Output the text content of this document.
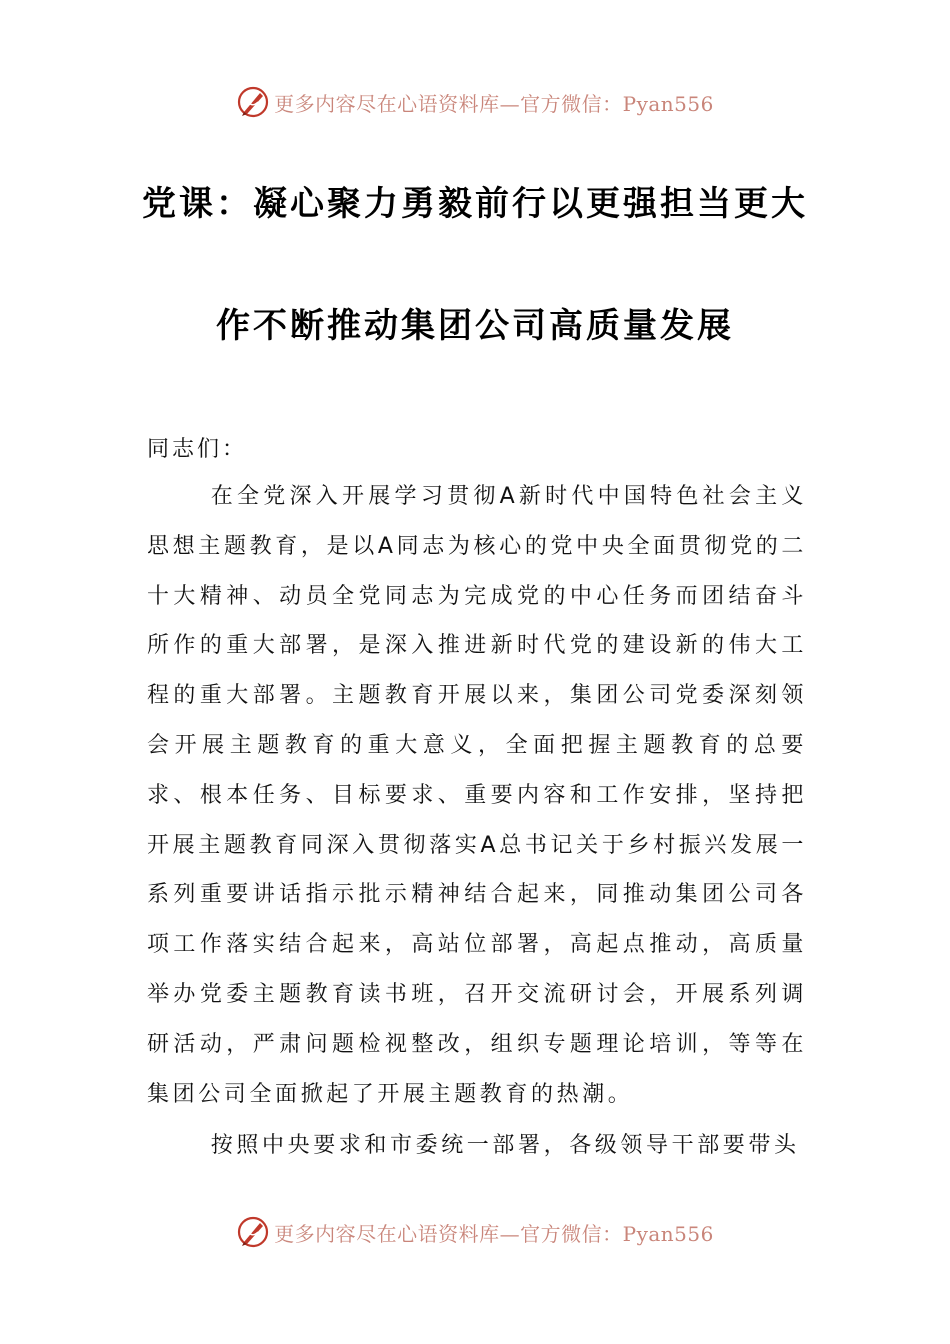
更多内容尽在心语资料库—官方微信：Pyan556
党课：凝心聚力勇毅前行以更强担当更大
作不断推动集团公司高质量发展
同志们：
在全党深入开展学习贯彻A新时代中国特色社会主义思想主题教育，是以A同志为核心的党中央全面贯彻党的二十大精神、动员全党同志为完成党的中心任务而团结奋斗所作的重大部署，是深入推进新时代党的建设新的伟大工程的重大部署。主题教育开展以来，集团公司党委深刻领会开展主题教育的重大意义，全面把握主题教育的总要求、根本任务、目标要求、重要内容和工作安排，坚持把开展主题教育同深入贯彻落实A总书记关于乡村振兴发展一系列重要讲话指示批示精神结合起来，同推动集团公司各项工作落实结合起来，高站位部署，高起点推动，高质量举办党委主题教育读书班，召开交流研讨会，开展系列调研活动，严肃问题检视整改，组织专题理论培训，等等在集团公司全面掀起了开展主题教育的热潮。
按照中央要求和市委统一部署，各级领导干部要带头
更多内容尽在心语资料库—官方微信：Pyan556
